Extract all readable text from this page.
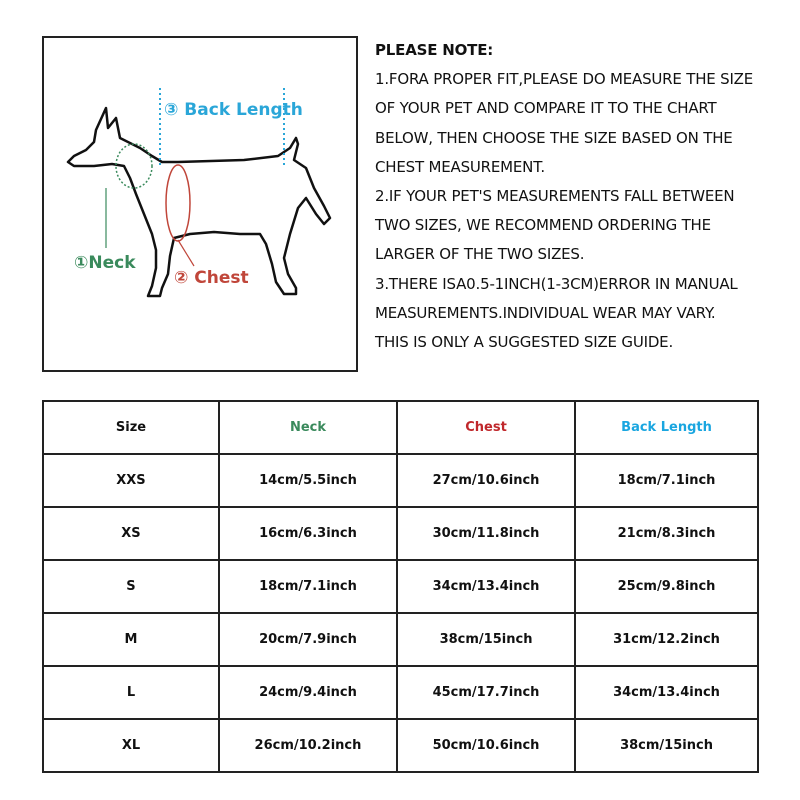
③ Back Length
①Neck
② Chest
PLEASE NOTE:
1.FORA PROPER FIT,PLEASE DO MEASURE THE SIZE
OF YOUR PET AND COMPARE IT TO THE CHART
BELOW, THEN CHOOSE THE SIZE BASED ON THE
CHEST MEASUREMENT.
2.IF YOUR PET'S MEASUREMENTS FALL BETWEEN
TWO SIZES, WE RECOMMEND ORDERING THE
LARGER OF THE TWO SIZES.
3.THERE ISA0.5-1INCH(1-3CM)ERROR IN MANUAL
MEASUREMENTS.INDIVIDUAL WEAR MAY VARY.
THIS IS ONLY A SUGGESTED SIZE GUIDE.
Size	Neck	Chest	Back Length
XXS	14cm/5.5inch	27cm/10.6inch	18cm/7.1inch
XS	16cm/6.3inch	30cm/11.8inch	21cm/8.3inch
S	18cm/7.1inch	34cm/13.4inch	25cm/9.8inch
M	20cm/7.9inch	38cm/15inch	31cm/12.2inch
L	24cm/9.4inch	45cm/17.7inch	34cm/13.4inch
XL	26cm/10.2inch	50cm/10.6inch	38cm/15inch
